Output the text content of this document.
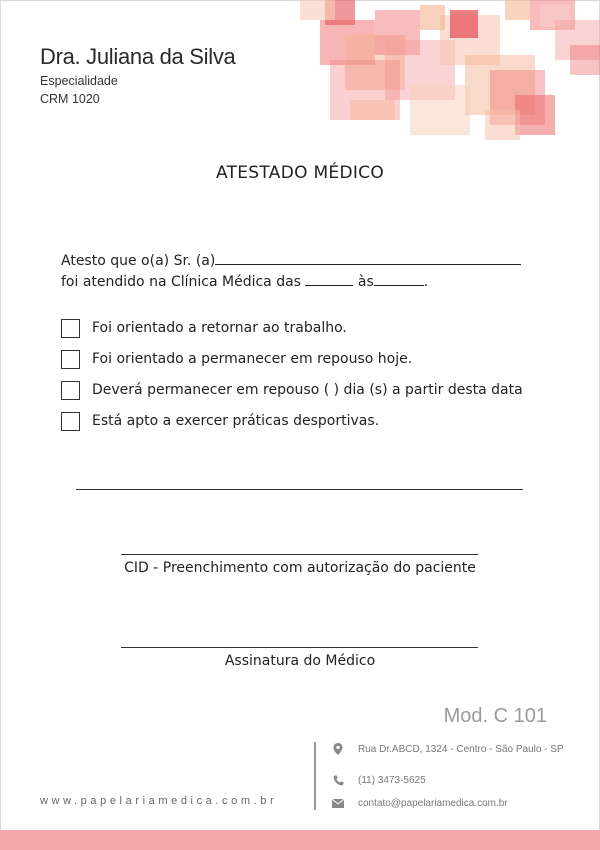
Dra. Juliana da Silva
Especialidade
CRM 1020
ATESTADO MÉDICO
Atesto que o(a) Sr. (a)
foi atendido na Clínica Médica das	às	.
Foi orientado a retornar ao trabalho.
Foi orientado a permanecer em repouso hoje.
Deverá permanecer em repouso ( ) dia (s) a partir desta data
Está apto a exercer práticas desportivas.
CID - Preenchimento com autorização do paciente
Assinatura do Médico
Mod. C 101
www.papelariamedica.com.br
Rua Dr.ABCD, 1324 - Centro - São Paulo - SP
(11) 3473-5625
contato@papelariamedica.com.br
